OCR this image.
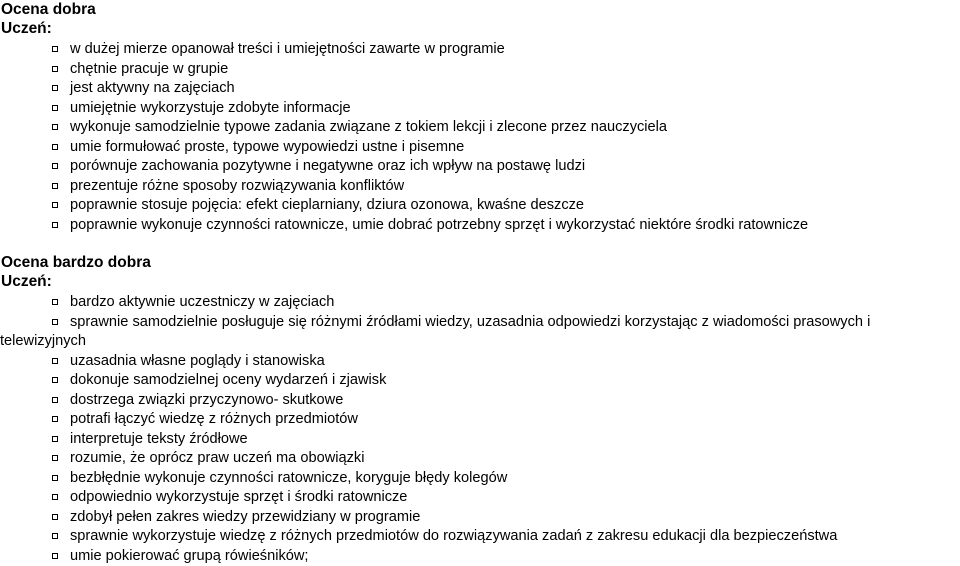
Ocena dobra
Uczeń:
w dużej mierze opanował treści i umiejętności zawarte w programie
chętnie pracuje w grupie
jest aktywny na zajęciach
umiejętnie wykorzystuje zdobyte informacje
wykonuje samodzielnie typowe zadania związane z tokiem lekcji i zlecone przez nauczyciela
umie formułować proste, typowe wypowiedzi ustne i pisemne
porównuje zachowania pozytywne i negatywne oraz ich wpływ na postawę ludzi
prezentuje różne sposoby rozwiązywania konfliktów
poprawnie stosuje pojęcia: efekt cieplarniany, dziura ozonowa, kwaśne deszcze
poprawnie wykonuje czynności ratownicze, umie dobrać potrzebny sprzęt i wykorzystać niektóre środki ratownicze
Ocena bardzo dobra
Uczeń:
bardzo aktywnie uczestniczy w zajęciach
sprawnie samodzielnie posługuje się różnymi źródłami wiedzy, uzasadnia odpowiedzi korzystając z wiadomości prasowych i telewizyjnych
uzasadnia własne poglądy i stanowiska
dokonuje samodzielnej oceny wydarzeń i zjawisk
dostrzega związki przyczynowo- skutkowe
potrafi łączyć wiedzę z różnych przedmiotów
interpretuje teksty źródłowe
rozumie, że oprócz praw uczeń ma obowiązki
bezbłędnie wykonuje czynności ratownicze, koryguje błędy kolegów
odpowiednio wykorzystuje sprzęt i środki ratownicze
zdobył pełen zakres wiedzy przewidziany w programie
sprawnie wykorzystuje wiedzę z różnych przedmiotów do rozwiązywania zadań z zakresu edukacji dla bezpieczeństwa
umie pokierować grupą rówieśników;
